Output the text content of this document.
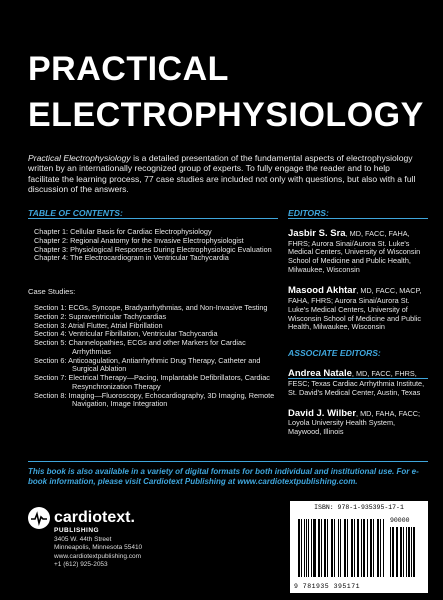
PRACTICAL
ELECTROPHYSIOLOGY
Practical Electrophysiology is a detailed presentation of the fundamental aspects of electrophysiology written by an internationally recognized group of experts. To fully engage the reader and to help facilitate the learning process, 77 case studies are included not only with questions, but also with a full discussion of the answers.
TABLE OF CONTENTS:
Chapter 1: Cellular Basis for Cardiac Electrophysiology
Chapter 2: Regional Anatomy for the Invasive Electrophysiologist
Chapter 3: Physiological Responses During Electrophysiologic Evaluation
Chapter 4: The Electrocardiogram in Ventricular Tachycardia
Case Studies:
Section 1: ECGs, Syncope, Bradyarrhythmias, and Non-Invasive Testing
Section 2: Supraventricular Tachycardias
Section 3: Atrial Flutter, Atrial Fibrillation
Section 4: Ventricular Fibrillation, Ventricular Tachycardia
Section 5: Channelopathies, ECGs and other Markers for Cardiac Arrhythmias
Section 6: Anticoagulation, Antiarrhythmic Drug Therapy, Catheter and Surgical Ablation
Section 7: Electrical Therapy—Pacing, Implantable Defibrillators, Cardiac Resynchronization Therapy
Section 8: Imaging—Fluoroscopy, Echocardiography, 3D Imaging, Remote Navigation, Image Integration
EDITORS:
Jasbir S. Sra, MD, FACC, FAHA, FHRS; Aurora Sinai/Aurora St. Luke's Medical Centers, University of Wisconsin School of Medicine and Public Health, Milwaukee, Wisconsin
Masood Akhtar, MD, FACC, MACP, FAHA, FHRS; Aurora Sinai/Aurora St. Luke's Medical Centers, University of Wisconsin School of Medicine and Public Health, Milwaukee, Wisconsin
ASSOCIATE EDITORS:
Andrea Natale, MD, FACC, FHRS, FESC; Texas Cardiac Arrhythmia Institute, St. David's Medical Center, Austin, Texas
David J. Wilber, MD, FAHA, FACC; Loyola University Health System, Maywood, Illinois
This book is also available in a variety of digital formats for both individual and institutional use. For e-book information, please visit Cardiotext Publishing at www.cardiotextpublishing.com.
cardiotext.
PUBLISHING
3405 W. 44th Street
Minneapolis, Minnesota 55410
www.cardiotextpublishing.com
+1 (612) 925-2053
ISBN: 978-1-935395-17-1
90000
9 781935 395171
